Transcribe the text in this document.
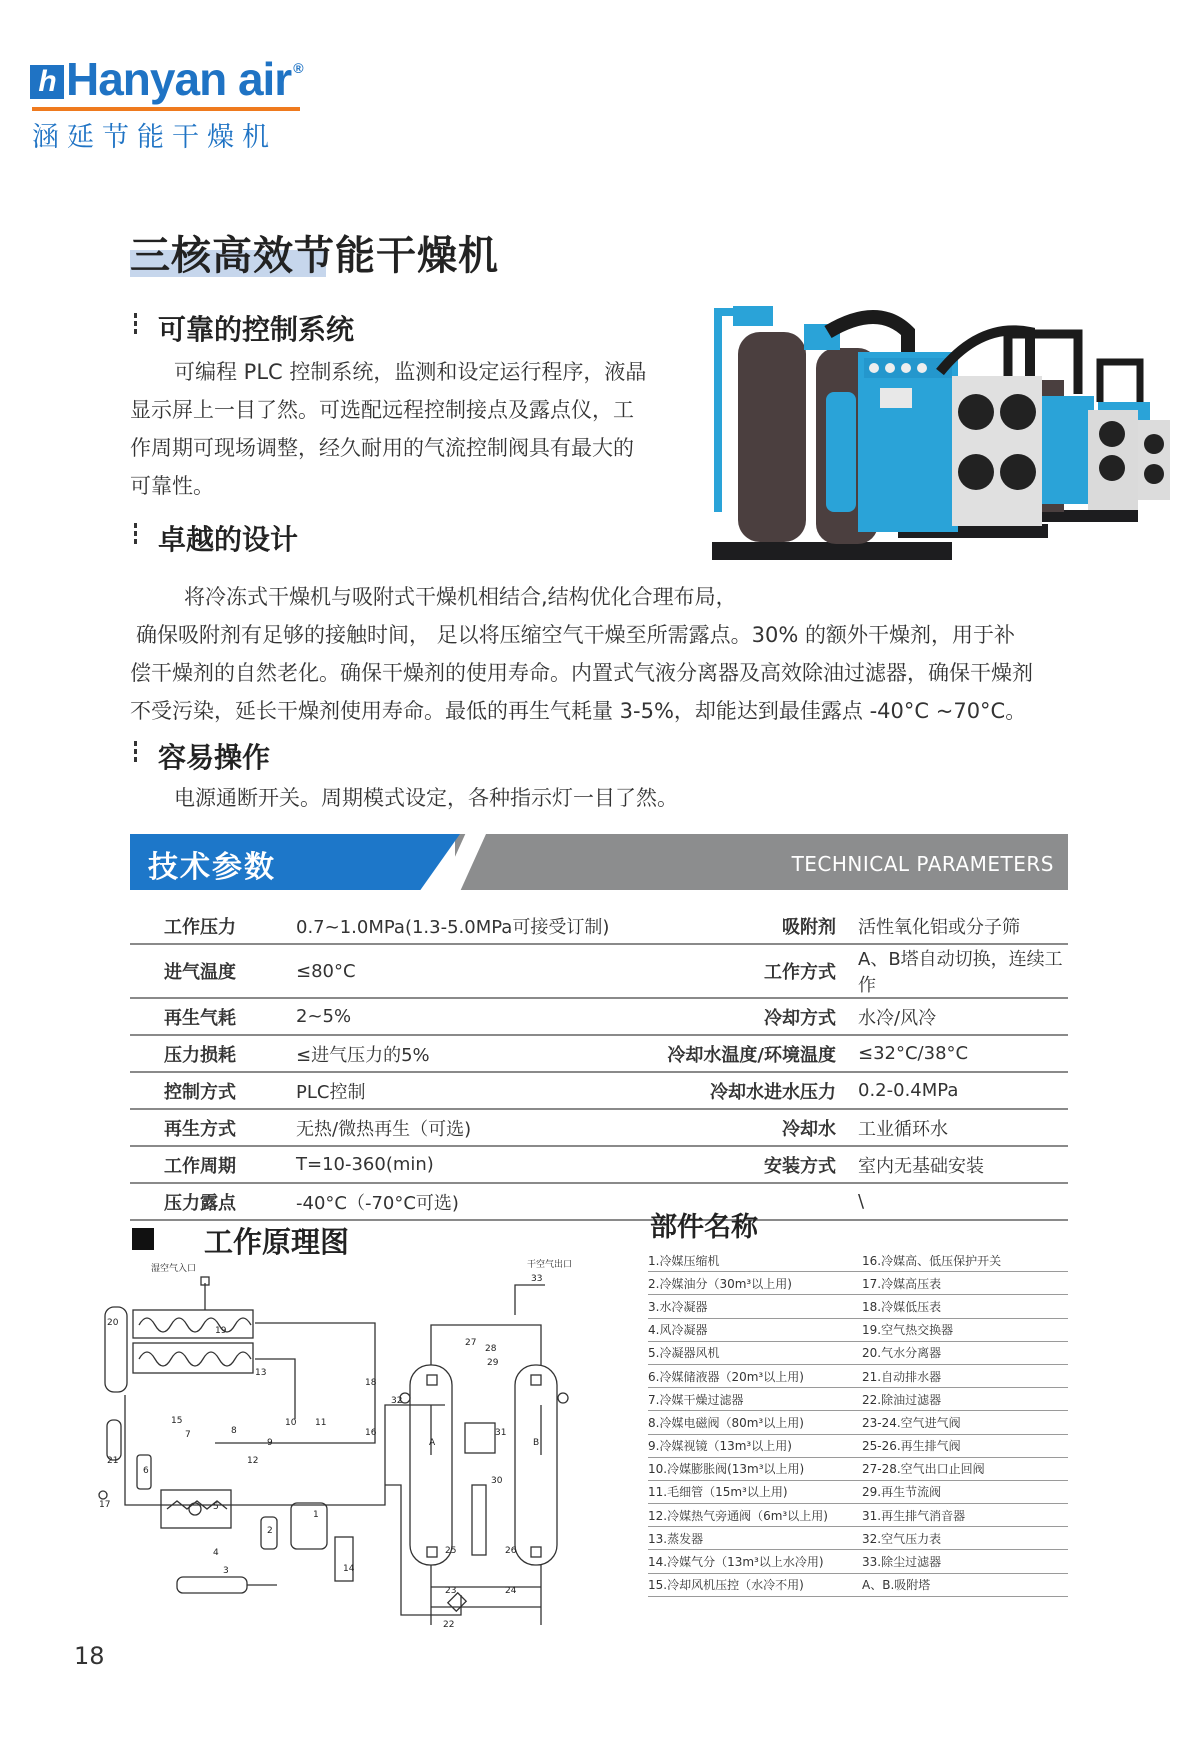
h Hanyan air ®
涵延节能干燥机
三核高效节能干燥机
可靠的控制系统
可编程 PLC 控制系统，监测和设定运行程序，液晶
显示屏上一目了然。可选配远程控制接点及露点仪，工
作周期可现场调整，经久耐用的气流控制阀具有最大的
可靠性。
卓越的设计
将冷冻式干燥机与吸附式干燥机相结合,结构优化合理布局，
确保吸附剂有足够的接触时间， 足以将压缩空气干燥至所需露点。30% 的额外干燥剂，用于补
偿干燥剂的自然老化。确保干燥剂的使用寿命。内置式气液分离器及高效除油过滤器，确保干燥剂
不受污染，延长干燥剂使用寿命。最低的再生气耗量 3-5%，却能达到最佳露点 -40°C ~70°C。
容易操作
电源通断开关。周期模式设定，各种指示灯一目了然。
技术参数	TECHNICAL PARAMETERS
工作压力	0.7~1.0MPa(1.3-5.0MPa可接受订制)	吸附剂	活性氧化铝或分子筛
进气温度	≤80°C	工作方式	A、B塔自动切换，连续工作
再生气耗	2~5%	冷却方式	水冷/风冷
压力损耗	≤进气压力的5%	冷却水温度/环境温度	≤32°C/38°C
控制方式	PLC控制	冷却水进水压力	0.2-0.4MPa
再生方式	无热/微热再生（可选)	冷却水	工业循环水
工作周期	T=10-360(min)	安装方式	室内无基础安装
压力露点	-40°C（-70°C可选)		\
工作原理图	部件名称
湿空气入口	干空气出口
1
2
3
4
5
6
7	8
9
10 11
12
13
14
15
16
17
18
19
20
21
22
23	24
25	26
27
28
29
30
31
32
33
A	B
1.冷媒压缩机	16.冷媒高、低压保护开关
2.冷媒油分（30m³以上用)	17.冷媒高压表
3.水冷凝器	18.冷媒低压表
4.风冷凝器	19.空气热交换器
5.冷凝器风机	20.气水分离器
6.冷媒储液器（20m³以上用)	21.自动排水器
7.冷媒干燥过滤器	22.除油过滤器
8.冷媒电磁阀（80m³以上用)	23-24.空气进气阀
9.冷媒视镜（13m³以上用)	25-26.再生排气阀
10.冷媒膨胀阀(13m³以上用)	27-28.空气出口止回阀
11.毛细管（15m³以上用)	29.再生节流阀
12.冷媒热气旁通阀（6m³以上用)	31.再生排气消音器
13.蒸发器	32.空气压力表
14.冷媒气分（13m³以上水冷用)	33.除尘过滤器
15.冷却风机压控（水冷不用)	A、B.吸附塔
18
